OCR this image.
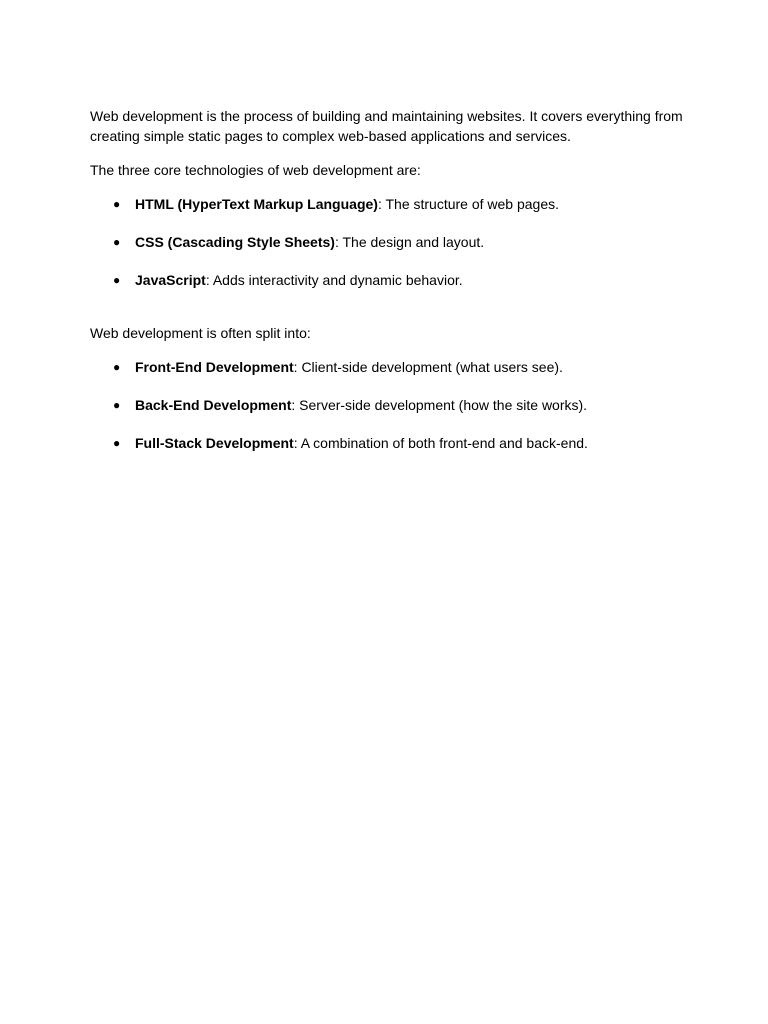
Web development is the process of building and maintaining websites. It covers everything from creating simple static pages to complex web-based applications and services.

The three core technologies of web development are:

● HTML (HyperText Markup Language): The structure of web pages.
● CSS (Cascading Style Sheets): The design and layout.
● JavaScript: Adds interactivity and dynamic behavior.

Web development is often split into:

● Front-End Development: Client-side development (what users see).
● Back-End Development: Server-side development (how the site works).
● Full-Stack Development: A combination of both front-end and back-end.
